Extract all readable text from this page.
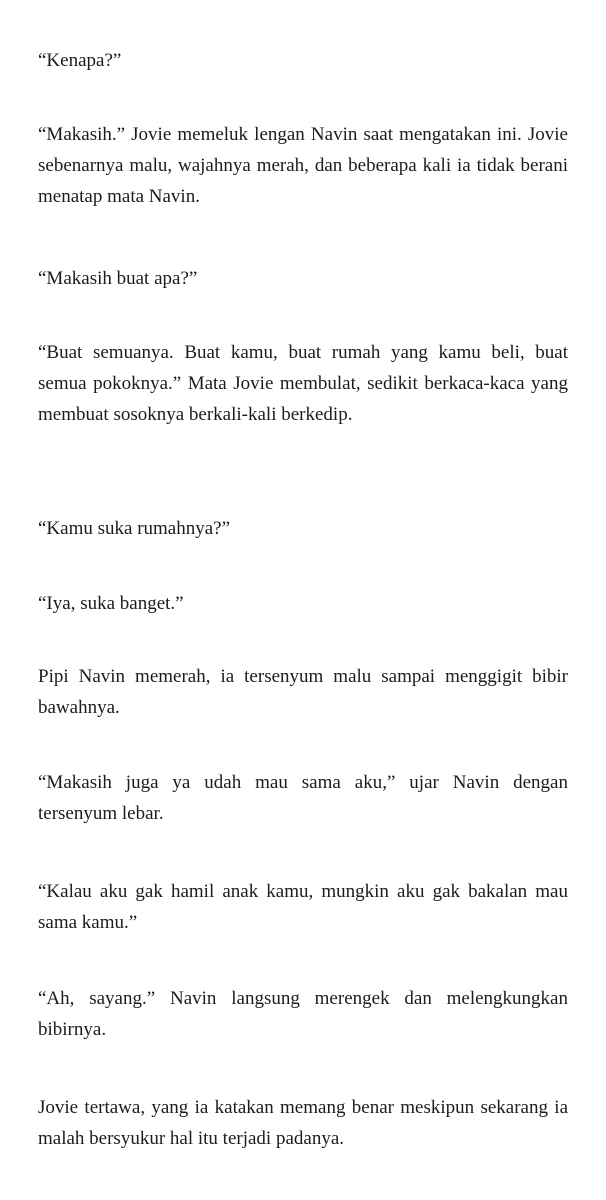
“Kenapa?”

“Makasih.” Jovie memeluk lengan Navin saat mengatakan ini. Jovie sebenarnya malu, wajahnya merah, dan beberapa kali ia tidak berani menatap mata Navin.

“Makasih buat apa?”

“Buat semuanya. Buat kamu, buat rumah yang kamu beli, buat semua pokoknya.” Mata Jovie membulat, sedikit berkaca-kaca yang membuat sosoknya berkali-kali berkedip.

“Kamu suka rumahnya?”

“Iya, suka banget.”

Pipi Navin memerah, ia tersenyum malu sampai menggigit bibir bawahnya.

“Makasih juga ya udah mau sama aku,” ujar Navin dengan tersenyum lebar.

“Kalau aku gak hamil anak kamu, mungkin aku gak bakalan mau sama kamu.”

“Ah, sayang.” Navin langsung merengek dan melengkungkan bibirnya.

Jovie tertawa, yang ia katakan memang benar meskipun sekarang ia malah bersyukur hal itu terjadi padanya.
